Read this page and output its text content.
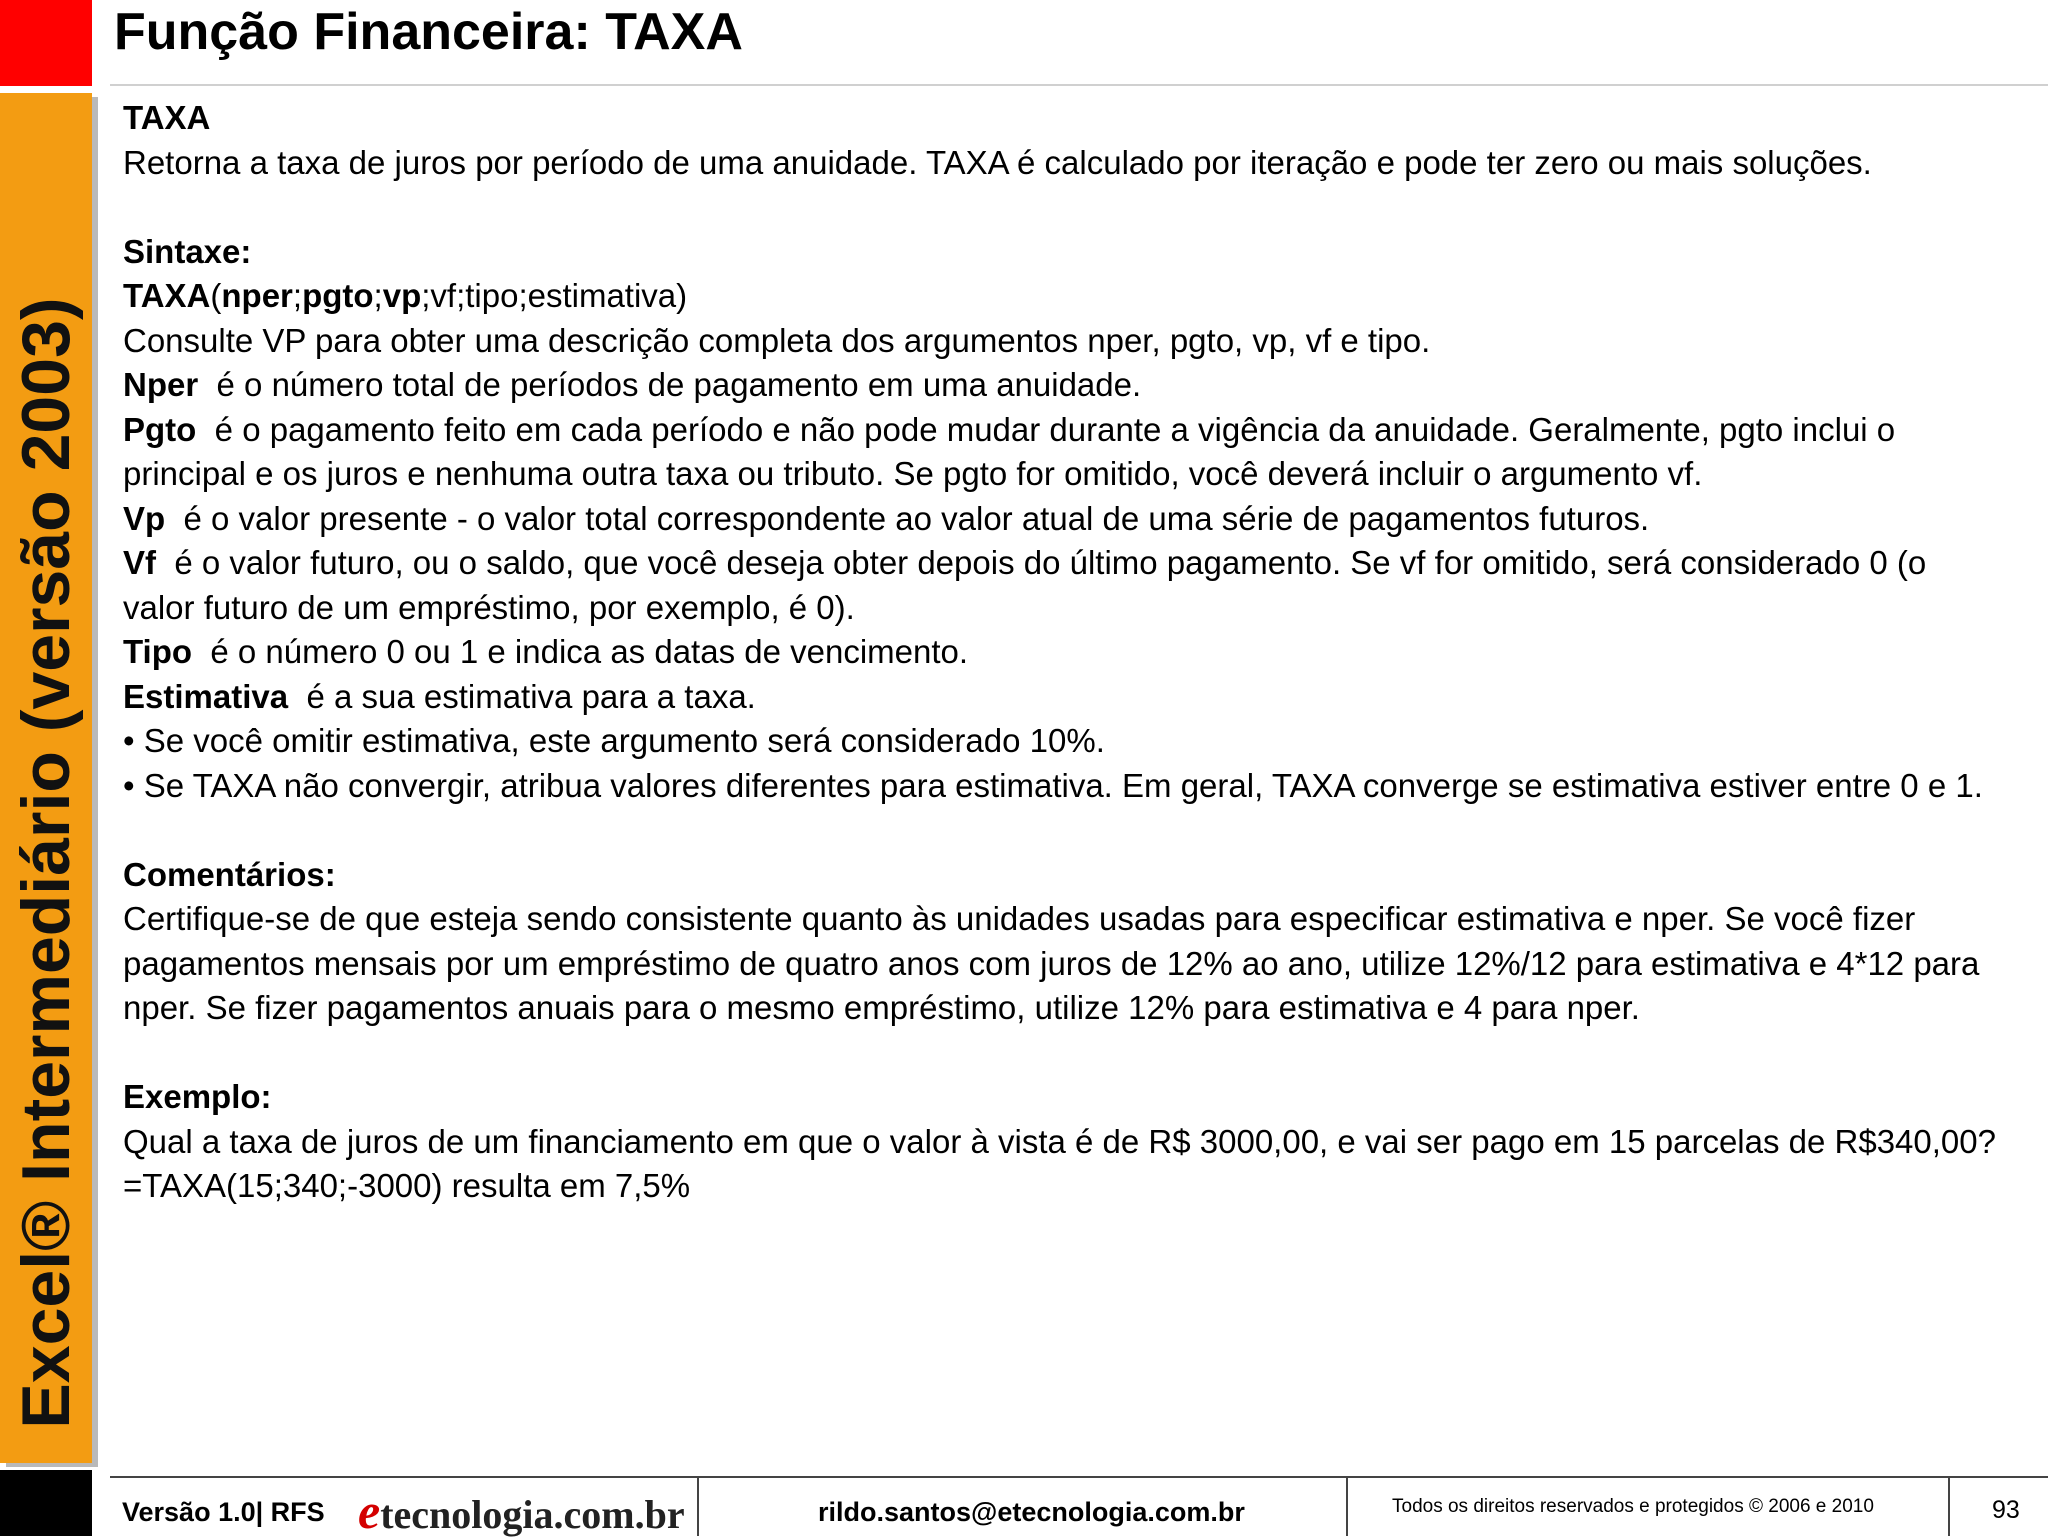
Excel® Intermediário (versão 2003)
Função Financeira: TAXA

TAXA

Retorna a taxa de juros por período de uma anuidade. TAXA é calculado por iteração e pode ter zero ou mais soluções.

Sintaxe:

TAXA(nper;pgto;vp;vf;tipo;estimativa)

Consulte VP para obter uma descrição completa dos argumentos nper, pgto, vp, vf e tipo.

Nper é o número total de períodos de pagamento em uma anuidade.

Pgto é o pagamento feito em cada período e não pode mudar durante a vigência da anuidade. Geralmente, pgto inclui o principal e os juros e nenhuma outra taxa ou tributo. Se pgto for omitido, você deverá incluir o argumento vf.

Vp é o valor presente - o valor total correspondente ao valor atual de uma série de pagamentos futuros.

Vf é o valor futuro, ou o saldo, que você deseja obter depois do último pagamento. Se vf for omitido, será considerado 0 (o valor futuro de um empréstimo, por exemplo, é 0).

Tipo é o número 0 ou 1 e indica as datas de vencimento.

Estimativa é a sua estimativa para a taxa.

• Se você omitir estimativa, este argumento será considerado 10%.

• Se TAXA não convergir, atribua valores diferentes para estimativa. Em geral, TAXA converge se estimativa estiver entre 0 e 1.

Comentários:

Certifique-se de que esteja sendo consistente quanto às unidades usadas para especificar estimativa e nper. Se você fizer pagamentos mensais por um empréstimo de quatro anos com juros de 12% ao ano, utilize 12%/12 para estimativa e 4*12 para nper. Se fizer pagamentos anuais para o mesmo empréstimo, utilize 12% para estimativa e 4 para nper.

Exemplo:

Qual a taxa de juros de um financiamento em que o valor à vista é de R$ 3000,00, e vai ser pago em 15 parcelas de R$340,00?

=TAXA(15;340;-3000) resulta em 7,5%

Versão 1.0| RFS etecnologia.com.br	rildo.santos@etecnologia.com.br	Todos os direitos reservados e protegidos © 2006 e 2010	93
